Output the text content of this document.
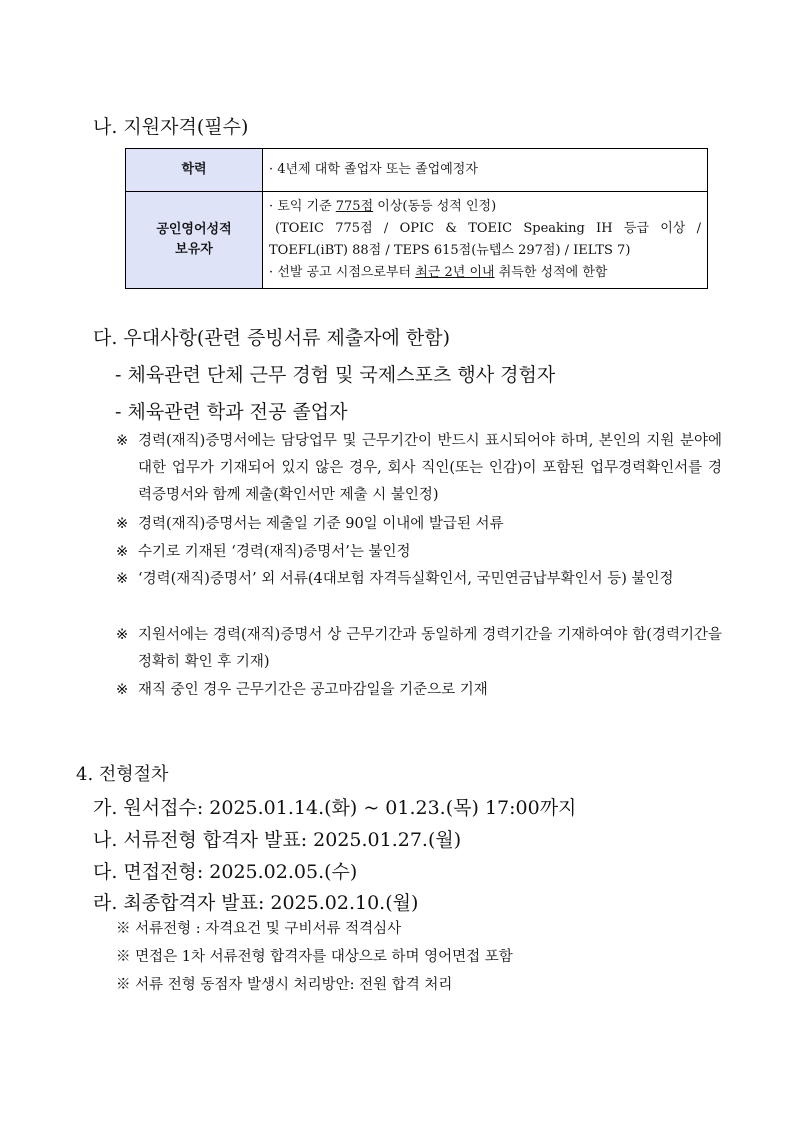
나. 지원자격(필수)
학력	· 4년제 대학 졸업자 또는 졸업예정자

공인영어성적
보유자	· 토익 기준 775점 이상(동등 성적 인정)
(TOEIC 775점 / OPIC & TOEIC Speaking IH 등급 이상 /
TOEFL(iBT) 88점 / TEPS 615점(뉴텝스 297점) / IELTS 7)
· 선발 공고 시점으로부터 최근 2년 이내 취득한 성적에 한함
다. 우대사항(관련 증빙서류 제출자에 한함)
- 체육관련 단체 근무 경험 및 국제스포츠 행사 경험자
- 체육관련 학과 전공 졸업자
※ 경력(재직)증명서에는 담당업무 및 근무기간이 반드시 표시되어야 하며, 본인의 지원 분야에 대한 업무가 기재되어 있지 않은 경우, 회사 직인(또는 인감)이 포함된 업무경력확인서를 경력증명서와 함께 제출(확인서만 제출 시 불인정)
※ 경력(재직)증명서는 제출일 기준 90일 이내에 발급된 서류
※ 수기로 기재된 ‘경력(재직)증명서’는 불인정
※ ‘경력(재직)증명서’ 외 서류(4대보험 자격득실확인서, 국민연금납부확인서 등) 불인정
※ 지원서에는 경력(재직)증명서 상 근무기간과 동일하게 경력기간을 기재하여야 함(경력기간을 정확히 확인 후 기재)
※ 재직 중인 경우 근무기간은 공고마감일을 기준으로 기재
4. 전형절차
가. 원서접수: 2025.01.14.(화) ~ 01.23.(목) 17:00까지
나. 서류전형 합격자 발표: 2025.01.27.(월)
다. 면접전형: 2025.02.05.(수)
라. 최종합격자 발표: 2025.02.10.(월)
※ 서류전형 : 자격요건 및 구비서류 적격심사
※ 면접은 1차 서류전형 합격자를 대상으로 하며 영어면접 포함
※ 서류 전형 동점자 발생시 처리방안: 전원 합격 처리
